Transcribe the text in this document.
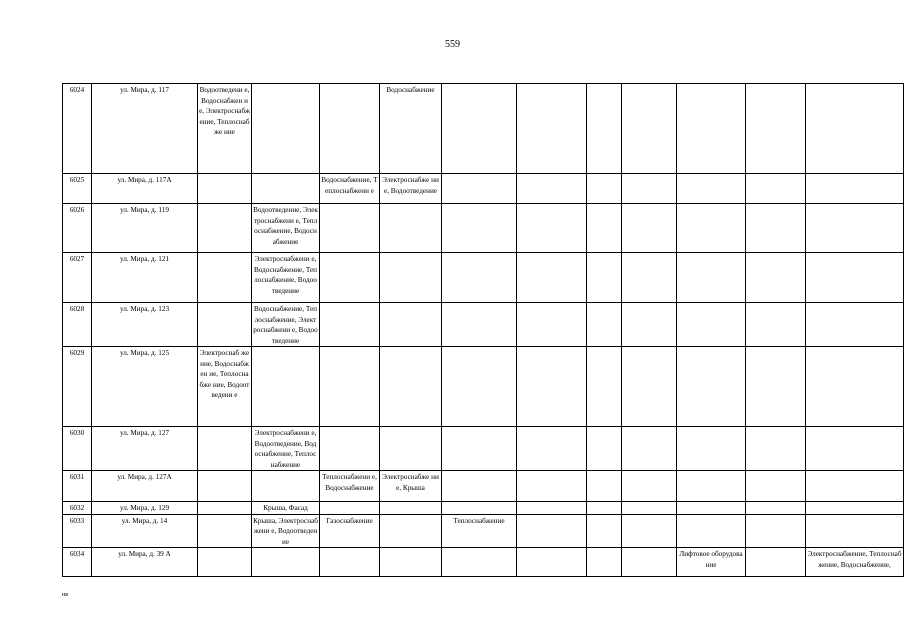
559
6024	ул. Мира, д. 117	Водоотведени е, Водоснабжен ие, Электроснабж ение, Теплоснабже ние			Водоснабжение							
6025	ул. Мира, д. 117А			Водоснабжение, Теплоснабжени е	Электроснабже ние, Водоотведение							
6026	ул. Мира, д. 119		Водоотведение, Электроснабжени е, Теплоснабжение, Водоснабжение									
6027	ул. Мира, д. 121		Электроснабжени е, Водоснабжение, Теплоснабжение, Водоотведение									
6028	ул. Мира, д. 123		Водоснабжение, Теплоснабжение, Электроснабжени е, Водоотведение									
6029	ул. Мира, д. 125	Электроснаб жение, Водоснабжен ие, Теплоснабже ние, Водоотведени е										
6030	ул. Мира, д. 127		Электроснабжени е, Водоотведение, Водоснабжение, Теплоснабжение									
6031	ул. Мира, д. 127А			Теплоснабжени е, Водоснабжение	Электроснабже ние, Крыша							
6032	ул. Мира, д. 129		Крыша, Фасад									
6033	ул. Мира, д. 14		Крыша, Электроснабжени е, Водоотведение	Газоснабжение		Теплоснабжение						
6034	ул. Мира, д. 39 А									Лифтовое оборудование		Электроснабжение, Теплоснабжение, Водоснабжение,
нв
